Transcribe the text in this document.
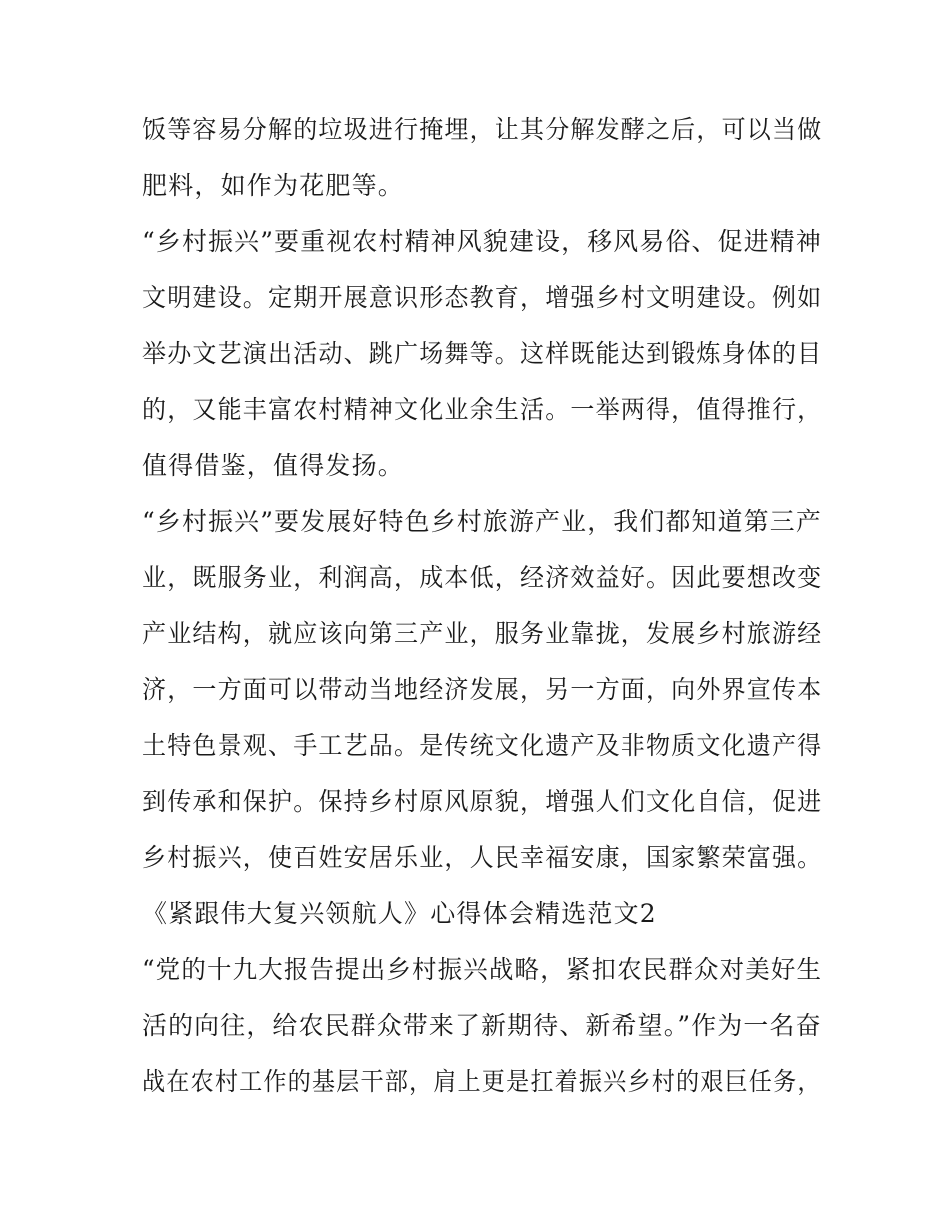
饭等容易分解的垃圾进行掩埋，让其分解发酵之后，可以当做
肥料，如作为花肥等。
“乡村振兴”要重视农村精神风貌建设，移风易俗、促进精神
文明建设。定期开展意识形态教育，增强乡村文明建设。例如
举办文艺演出活动、跳广场舞等。这样既能达到锻炼身体的目
的，又能丰富农村精神文化业余生活。一举两得，值得推行，
值得借鉴，值得发扬。
“乡村振兴”要发展好特色乡村旅游产业，我们都知道第三产
业，既服务业，利润高，成本低，经济效益好。因此要想改变
产业结构，就应该向第三产业，服务业靠拢，发展乡村旅游经
济，一方面可以带动当地经济发展，另一方面，向外界宣传本
土特色景观、手工艺品。是传统文化遗产及非物质文化遗产得
到传承和保护。保持乡村原风原貌，增强人们文化自信，促进
乡村振兴，使百姓安居乐业，人民幸福安康，国家繁荣富强。
《紧跟伟大复兴领航人》心得体会精选范文2
“党的十九大报告提出乡村振兴战略，紧扣农民群众对美好生
活的向往，给农民群众带来了新期待、新希望。”作为一名奋
战在农村工作的基层干部，肩上更是扛着振兴乡村的艰巨任务，
